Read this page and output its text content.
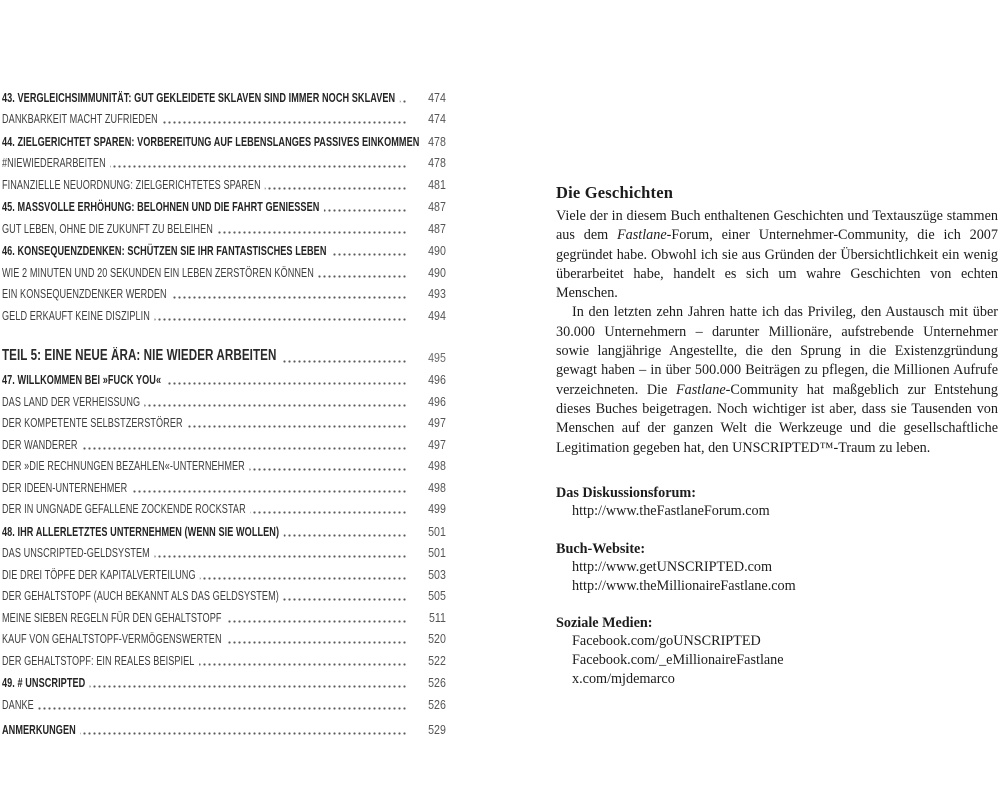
474
43. VERGLEICHSIMMUNITÄT: GUT GEKLEIDETE SKLAVEN SIND IMMER NOCH SKLAVEN
474
DANKBARKEIT MACHT ZUFRIEDEN
478
44. ZIELGERICHTET SPAREN: VORBEREITUNG AUF LEBENSLANGES PASSIVES EINKOMMEN
478
#NIEWIEDERARBEITEN
481
FINANZIELLE NEUORDNUNG: ZIELGERICHTETES SPAREN
487
45. MASSVOLLE ERHÖHUNG: BELOHNEN UND DIE FAHRT GENIESSEN
487
GUT LEBEN, OHNE DIE ZUKUNFT ZU BELEIHEN
490
46. KONSEQUENZDENKEN: SCHÜTZEN SIE IHR FANTASTISCHES LEBEN
490
WIE 2 MINUTEN UND 20 SEKUNDEN EIN LEBEN ZERSTÖREN KÖNNEN
493
EIN KONSEQUENZDENKER WERDEN
494
GELD ERKAUFT KEINE DISZIPLIN
495
TEIL 5: EINE NEUE ÄRA: NIE WIEDER ARBEITEN
496
47. WILLKOMMEN BEI »FUCK YOU«
496
DAS LAND DER VERHEISSUNG
497
DER KOMPETENTE SELBSTZERSTÖRER
497
DER WANDERER
498
DER »DIE RECHNUNGEN BEZAHLEN«-UNTERNEHMER
498
DER IDEEN-UNTERNEHMER
499
DER IN UNGNADE GEFALLENE ZOCKENDE ROCKSTAR
501
48. IHR ALLERLETZTES UNTERNEHMEN (WENN SIE WOLLEN)
501
DAS UNSCRIPTED-GELDSYSTEM
503
DIE DREI TÖPFE DER KAPITALVERTEILUNG
505
DER GEHALTSTOPF (AUCH BEKANNT ALS DAS GELDSYSTEM)
511
MEINE SIEBEN REGELN FÜR DEN GEHALTSTOPF
520
KAUF VON GEHALTSTOPF-VERMÖGENSWERTEN
522
DER GEHALTSTOPF: EIN REALES BEISPIEL
526
49. # UNSCRIPTED
526
DANKE
529
ANMERKUNGEN
Die Geschichten

Viele der in diesem Buch enthaltenen Geschichten und Textauszüge stammen aus dem Fastlane-Forum, einer Unternehmer-Community, die ich 2007 gegründet habe. Obwohl ich sie aus Gründen der Übersichtlichkeit ein wenig überarbeitet habe, handelt es sich um wahre Geschichten von echten Menschen.

In den letzten zehn Jahren hatte ich das Privileg, den Austausch mit über 30.000 Unternehmern – darunter Millionäre, aufstrebende Unternehmer sowie langjährige Angestellte, die den Sprung in die Existenzgründung gewagt haben – in über 500.000 Beiträgen zu pflegen, die Millionen Aufrufe verzeichneten. Die Fastlane-Community hat maßgeblich zur Entstehung dieses Buches beigetragen. Noch wichtiger ist aber, dass sie Tausenden von Menschen auf der ganzen Welt die Werkzeuge und die gesellschaftliche Legitimation gegeben hat, den UNSCRIPTED™-Traum zu leben.

Das Diskussionsforum:
http://www.theFastlaneForum.com
Buch-Website:
http://www.getUNSCRIPTED.com
http://www.theMillionaireFastlane.com
Soziale Medien:
Facebook.com/goUNSCRIPTED
Facebook.com/_eMillionaireFastlane
x.com/mjdemarco
